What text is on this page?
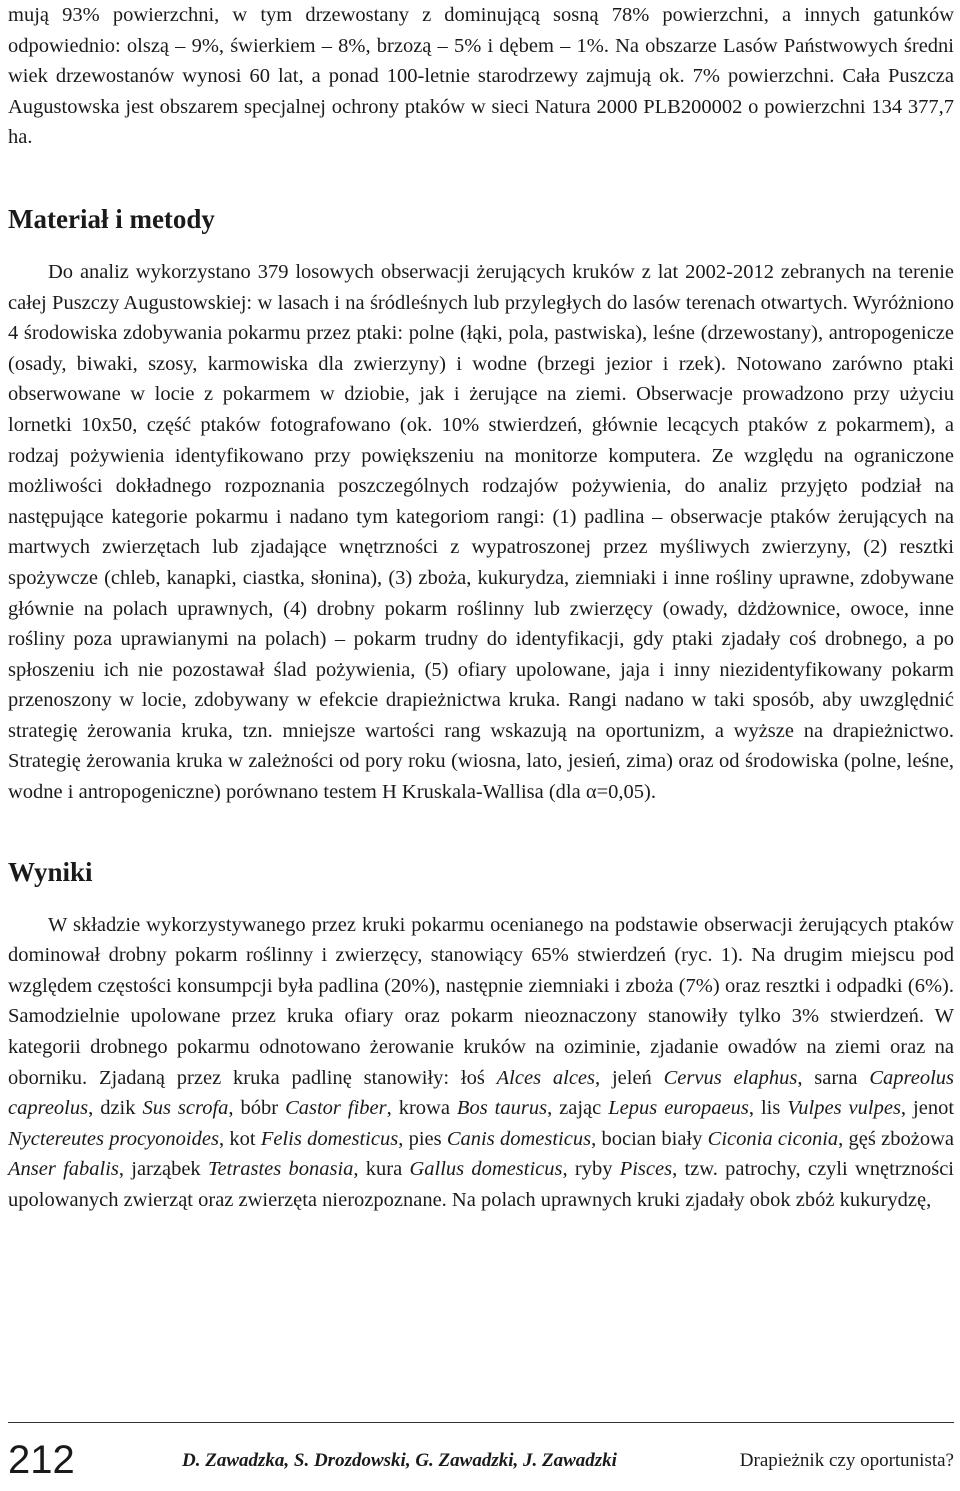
mują 93% powierzchni, w tym drzewostany z dominującą sosną 78% powierzchni, a innych gatunków odpowiednio: olszą – 9%, świerkiem – 8%, brzozą – 5% i dębem – 1%. Na obszarze Lasów Państwowych średni wiek drzewostanów wynosi 60 lat, a ponad 100-letnie starodrzewy zajmują ok. 7% powierzchni. Cała Puszcza Augustowska jest obszarem specjalnej ochrony ptaków w sieci Natura 2000 PLB200002 o powierzchni 134 377,7 ha.

Materiał i metody

Do analiz wykorzystano 379 losowych obserwacji żerujących kruków z lat 2002-2012 zebranych na terenie całej Puszczy Augustowskiej: w lasach i na śródleśnych lub przyległych do lasów terenach otwartych. Wyróżniono 4 środowiska zdobywania pokarmu przez ptaki: polne (łąki, pola, pastwiska), leśne (drzewostany), antropogenicze (osady, biwaki, szosy, karmowiska dla zwierzyny) i wodne (brzegi jezior i rzek). Notowano zarówno ptaki obserwowane w locie z pokarmem w dziobie, jak i żerujące na ziemi. Obserwacje prowadzono przy użyciu lornetki 10x50, część ptaków fotografowano (ok. 10% stwierdzeń, głównie lecących ptaków z pokarmem), a rodzaj pożywienia identyfikowano przy powiększeniu na monitorze komputera. Ze względu na ograniczone możliwości dokładnego rozpoznania poszczególnych rodzajów pożywienia, do analiz przyjęto podział na następujące kategorie pokarmu i nadano tym kategoriom rangi: (1) padlina – obserwacje ptaków żerujących na martwych zwierzętach lub zjadające wnętrzności z wypatroszonej przez myśliwych zwierzyny, (2) resztki spożywcze (chleb, kanapki, ciastka, słonina), (3) zboża, kukurydza, ziemniaki i inne rośliny uprawne, zdobywane głównie na polach uprawnych, (4) drobny pokarm roślinny lub zwierzęcy (owady, dżdżownice, owoce, inne rośliny poza uprawianymi na polach) – pokarm trudny do identyfikacji, gdy ptaki zjadały coś drobnego, a po spłoszeniu ich nie pozostawał ślad pożywienia, (5) ofiary upolowane, jaja i inny niezidentyfikowany pokarm przenoszony w locie, zdobywany w efekcie drapieżnictwa kruka. Rangi nadano w taki sposób, aby uwzględnić strategię żerowania kruka, tzn. mniejsze wartości rang wskazują na oportunizm, a wyższe na drapieżnictwo. Strategię żerowania kruka w zależności od pory roku (wiosna, lato, jesień, zima) oraz od środowiska (polne, leśne, wodne i antropogeniczne) porównano testem H Kruskala-Wallisa (dla α=0,05).

Wyniki

W składzie wykorzystywanego przez kruki pokarmu ocenianego na podstawie obserwacji żerujących ptaków dominował drobny pokarm roślinny i zwierzęcy, stanowiący 65% stwierdzeń (ryc. 1). Na drugim miejscu pod względem częstości konsumpcji była padlina (20%), następnie ziemniaki i zboża (7%) oraz resztki i odpadki (6%). Samodzielnie upolowane przez kruka ofiary oraz pokarm nieoznaczony stanowiły tylko 3% stwierdzeń. W kategorii drobnego pokarmu odnotowano żerowanie kruków na oziminie, zjadanie owadów na ziemi oraz na oborniku. Zjadaną przez kruka padlinę stanowiły: łoś Alces alces, jeleń Cervus elaphus, sarna Capreolus capreolus, dzik Sus scrofa, bóbr Castor fiber, krowa Bos taurus, zając Lepus europaeus, lis Vulpes vulpes, jenot Nyctereutes procyonoides, kot Felis domesticus, pies Canis domesticus, bocian biały Ciconia ciconia, gęś zbożowa Anser fabalis, jarząbek Tetrastes bonasia, kura Gallus domesticus, ryby Pisces, tzw. patrochy, czyli wnętrzności upolowanych zwierząt oraz zwierzęta nierozpoznane. Na polach uprawnych kruki zjadały obok zbóż kukurydzę,

212	D. Zawadzka, S. Drozdowski, G. Zawadzki, J. Zawadzki	Drapieżnik czy oportunista?
